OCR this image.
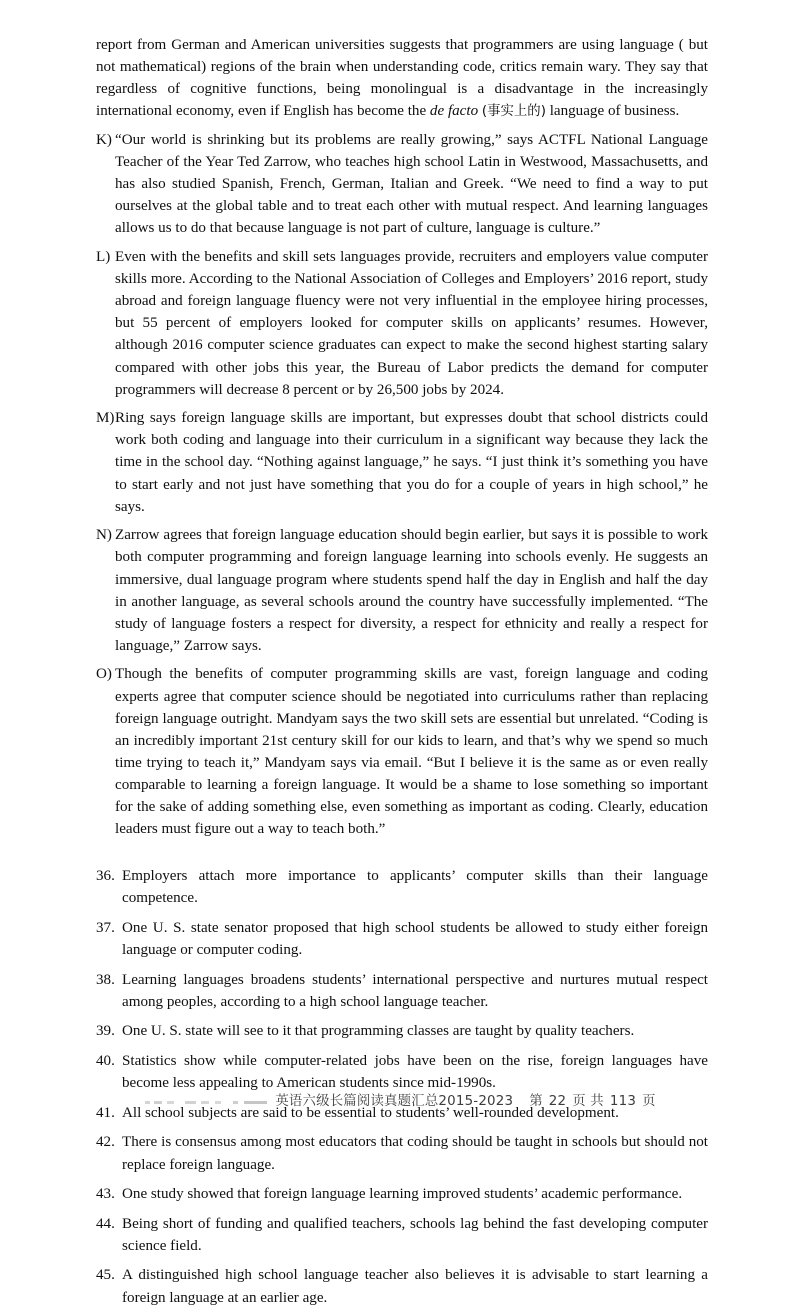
report from German and American universities suggests that programmers are using language ( but not mathematical) regions of the brain when understanding code, critics remain wary. They say that regardless of cognitive functions, being monolingual is a disadvantage in the increasingly international economy, even if English has become the de facto (事实上的) language of business.
K) “Our world is shrinking but its problems are really growing,” says ACTFL National Language Teacher of the Year Ted Zarrow, who teaches high school Latin in Westwood, Massachusetts, and has also studied Spanish, French, German, Italian and Greek. “We need to find a way to put ourselves at the global table and to treat each other with mutual respect. And learning languages allows us to do that because language is not part of culture, language is culture.”
L) Even with the benefits and skill sets languages provide, recruiters and employers value computer skills more. According to the National Association of Colleges and Employers’ 2016 report, study abroad and foreign language fluency were not very influential in the employee hiring processes, but 55 percent of employers looked for computer skills on applicants’ resumes. However, although 2016 computer science graduates can expect to make the second highest starting salary compared with other jobs this year, the Bureau of Labor predicts the demand for computer programmers will decrease 8 percent or by 26,500 jobs by 2024.
M) Ring says foreign language skills are important, but expresses doubt that school districts could work both coding and language into their curriculum in a significant way because they lack the time in the school day. “Nothing against language,” he says. “I just think it’s something you have to start early and not just have something that you do for a couple of years in high school,” he says.
N) Zarrow agrees that foreign language education should begin earlier, but says it is possible to work both computer programming and foreign language learning into schools evenly. He suggests an immersive, dual language program where students spend half the day in English and half the day in another language, as several schools around the country have successfully implemented. “The study of language fosters a respect for diversity, a respect for ethnicity and really a respect for language,” Zarrow says.
O) Though the benefits of computer programming skills are vast, foreign language and coding experts agree that computer science should be negotiated into curriculums rather than replacing foreign language outright. Mandyam says the two skill sets are essential but unrelated. “Coding is an incredibly important 21st century skill for our kids to learn, and that’s why we spend so much time trying to teach it,” Mandyam says via email. “But I believe it is the same as or even really comparable to learning a foreign language. It would be a shame to lose something so important for the sake of adding something else, even something as important as coding. Clearly, education leaders must figure out a way to teach both.”
36. Employers attach more importance to applicants’ computer skills than their language competence.
37. One U. S. state senator proposed that high school students be allowed to study either foreign language or computer coding.
38. Learning languages broadens students’ international perspective and nurtures mutual respect among peoples, according to a high school language teacher.
39. One U. S. state will see to it that programming classes are taught by quality teachers.
40. Statistics show while computer-related jobs have been on the rise, foreign languages have become less appealing to American students since mid-1990s.
41. All school subjects are said to be essential to students’ well-rounded development.
42. There is consensus among most educators that coding should be taught in schools but should not replace foreign language.
43. One study showed that foreign language learning improved students’ academic performance.
44. Being short of funding and qualified teachers, schools lag behind the fast developing computer science field.
45. A distinguished high school language teacher also believes it is advisable to start learning a foreign language at an earlier age.
英语六级长篇阅读真题汇总2015-2023 第 22 页 共 113 页
